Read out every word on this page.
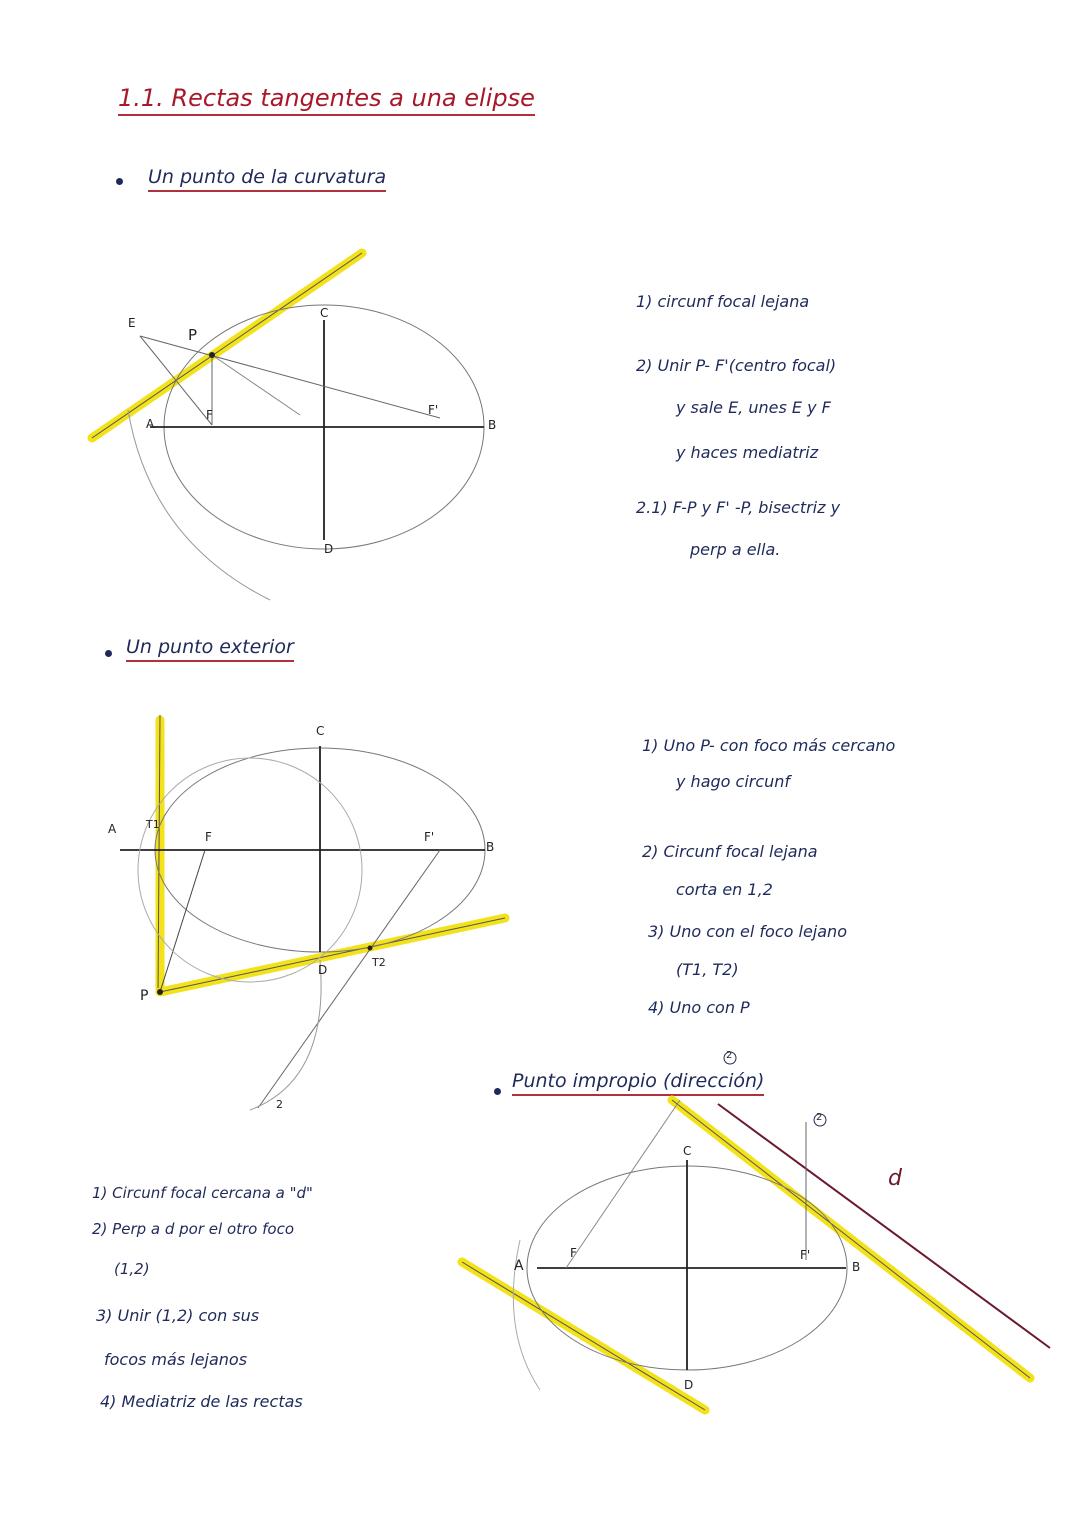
1.1. Rectas tangentes a una elipse
Un punto de la curvatura
E
P
A
F
C
F'
B
D
1) circunf focal lejana
2) Unir P- F'(centro focal)
y sale E, unes E y F
y haces mediatriz
2.1) F-P y F' -P, bisectriz y
perp a ella.
Un punto exterior
A	T1
F
C
F'
B
D
T2
P
2
1) Uno P- con foco más cercano
y hago circunf
2) Circunf focal lejana
corta en 1,2
3) Uno con el foco lejano
(T1, T2)
4) Uno con P
1) Circunf focal cercana a "d"
2) Perp a d por el otro foco
(1,2)
3) Unir (1,2) con sus
focos más lejanos
4) Mediatriz de las rectas
Punto impropio (dirección)
2
2
C
A
F	F'
B
D
d
